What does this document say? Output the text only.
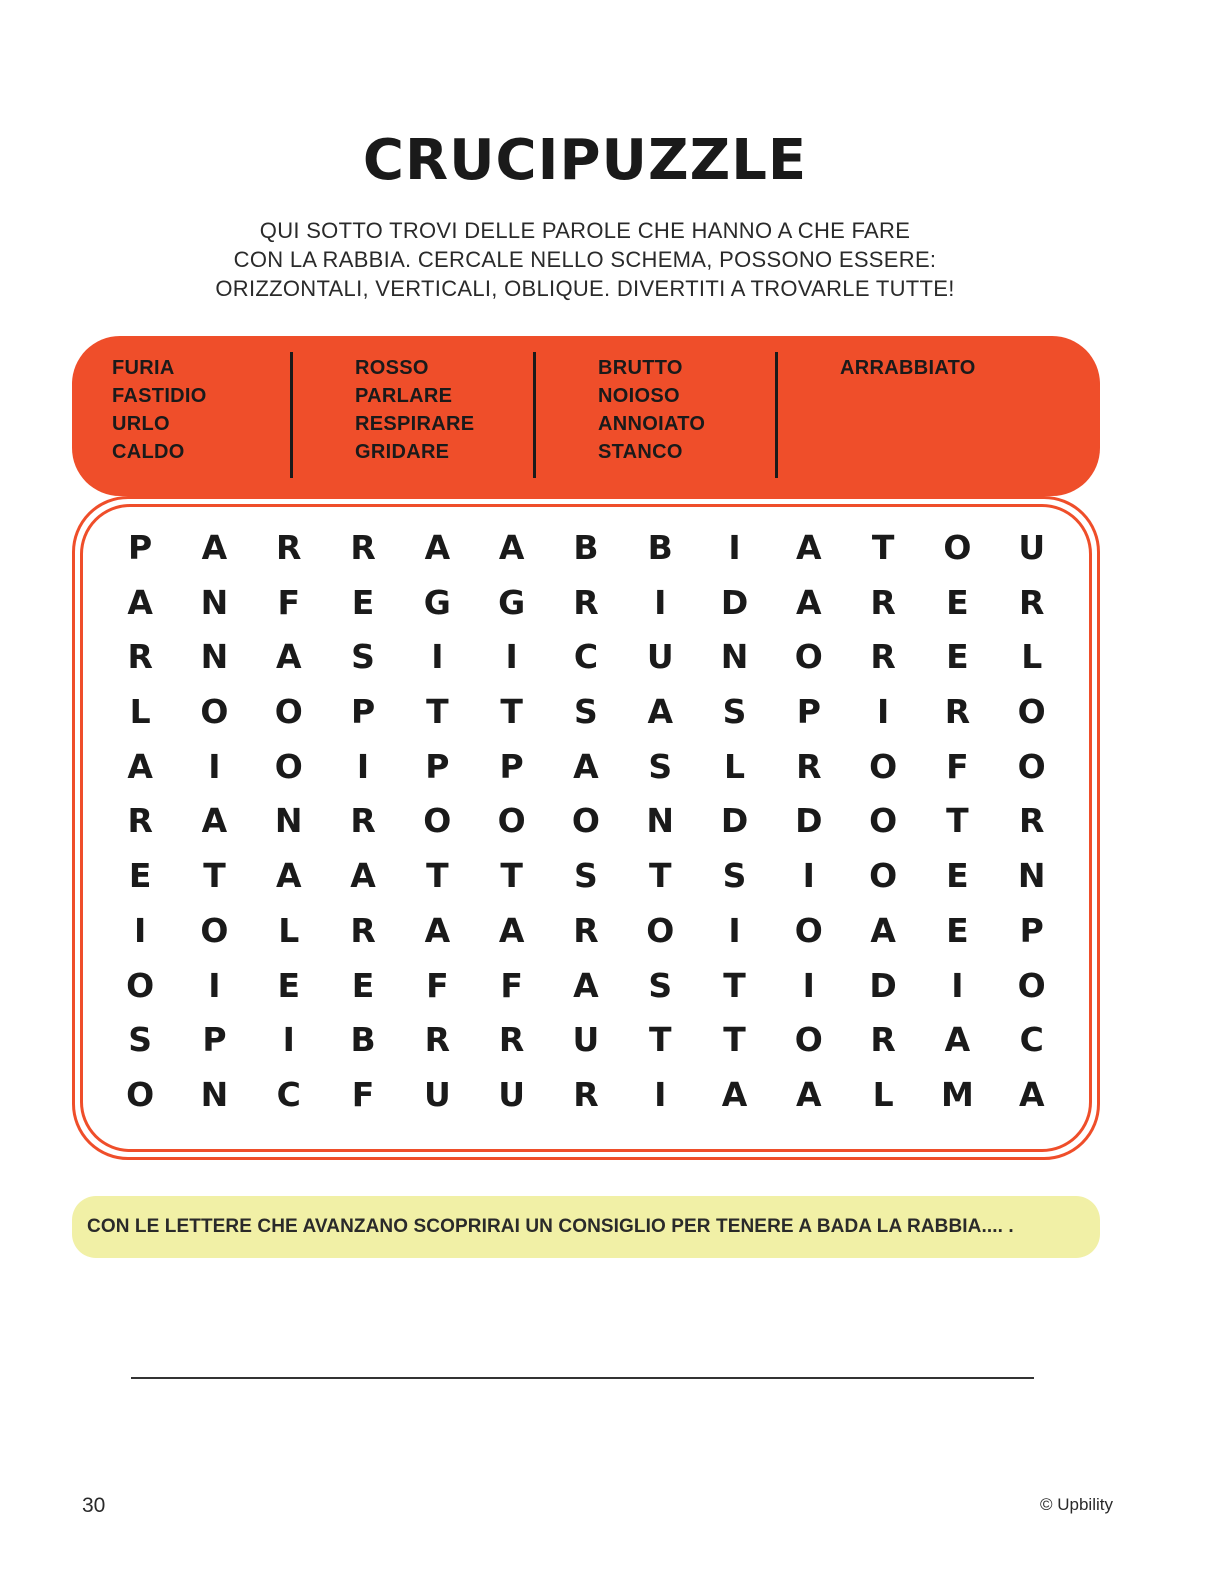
CRUCIPUZZLE
QUI SOTTO TROVI DELLE PAROLE CHE HANNO A CHE FARE
CON LA RABBIA. CERCALE NELLO SCHEMA, POSSONO ESSERE:
ORIZZONTALI, VERTICALI, OBLIQUE. DIVERTITI A TROVARLE TUTTE!
FURIA
FASTIDIO
URLO
CALDO
ROSSO
PARLARE
RESPIRARE
GRIDARE
BRUTTO
NOIOSO
ANNOIATO
STANCO
ARRABBIATO
P	A	R	R	A	A	B	B	I	A	T	O	U
A	N	F	E	G	G	R	I	D	A	R	E	R
R	N	A	S	I	I	C	U	N	O	R	E	L
L	O	O	P	T	T	S	A	S	P	I	R	O
A	I	O	I	P	P	A	S	L	R	O	F	O
R	A	N	R	O	O	O	N	D	D	O	T	R
E	T	A	A	T	T	S	T	S	I	O	E	N
I	O	L	R	A	A	R	O	I	O	A	E	P
O	I	E	E	F	F	A	S	T	I	D	I	O
S	P	I	B	R	R	U	T	T	O	R	A	C
O	N	C	F	U	U	R	I	A	A	L	M	A
CON LE LETTERE CHE AVANZANO SCOPRIRAI UN CONSIGLIO PER TENERE A BADA LA RABBIA.... .
30	© Upbility
